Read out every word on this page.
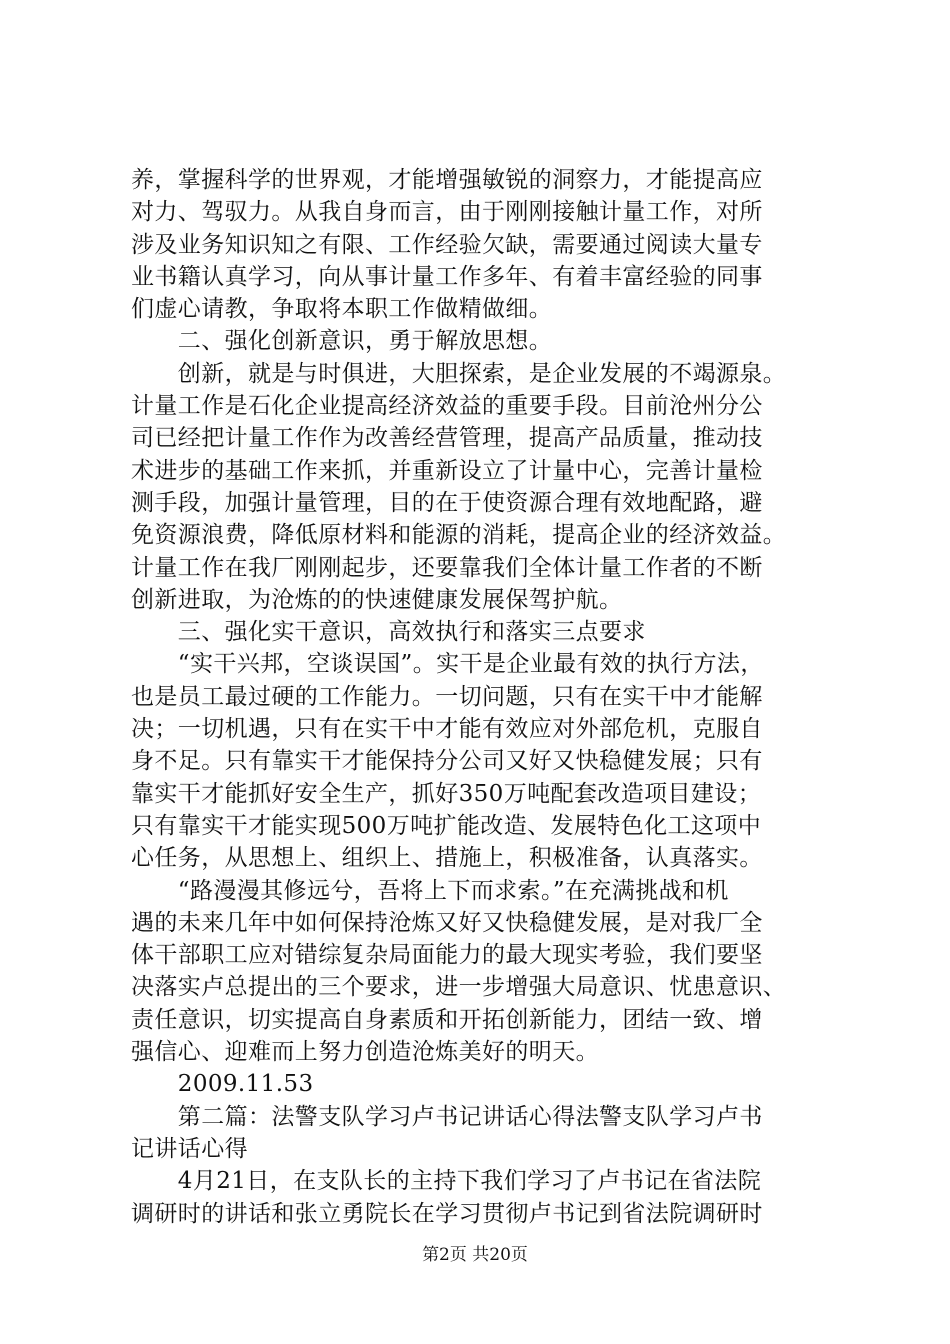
养，掌握科学的世界观，才能增强敏锐的洞察力，才能提高应
对力、驾驭力。从我自身而言，由于刚刚接触计量工作，对所
涉及业务知识知之有限、工作经验欠缺，需要通过阅读大量专
业书籍认真学习，向从事计量工作多年、有着丰富经验的同事
们虚心请教，争取将本职工作做精做细。
　　二、强化创新意识，勇于解放思想。
　　创新，就是与时俱进，大胆探索，是企业发展的不竭源泉。
计量工作是石化企业提高经济效益的重要手段。目前沧州分公
司已经把计量工作作为改善经营管理，提高产品质量，推动技
术进步的基础工作来抓，并重新设立了计量中心，完善计量检
测手段，加强计量管理，目的在于使资源合理有效地配路，避
免资源浪费，降低原材料和能源的消耗，提高企业的经济效益。
计量工作在我厂刚刚起步，还要靠我们全体计量工作者的不断
创新进取，为沧炼的的快速健康发展保驾护航。
　　三、强化实干意识，高效执行和落实三点要求
　　“实干兴邦，空谈误国”。实干是企业最有效的执行方法，
也是员工最过硬的工作能力。一切问题，只有在实干中才能解
决；一切机遇，只有在实干中才能有效应对外部危机，克服自
身不足。只有靠实干才能保持分公司又好又快稳健发展；只有
靠实干才能抓好安全生产，抓好350万吨配套改造项目建设；
只有靠实干才能实现500万吨扩能改造、发展特色化工这项中
心任务，从思想上、组织上、措施上，积极准备，认真落实。
　　“路漫漫其修远兮，吾将上下而求索。”在充满挑战和机
遇的未来几年中如何保持沧炼又好又快稳健发展，是对我厂全
体干部职工应对错综复杂局面能力的最大现实考验，我们要坚
决落实卢总提出的三个要求，进一步增强大局意识、忧患意识、
责任意识，切实提高自身素质和开拓创新能力，团结一致、增
强信心、迎难而上努力创造沧炼美好的明天。
　　2009.11.53
　　第二篇：法警支队学习卢书记讲话心得法警支队学习卢书
记讲话心得
　　4月21日，在支队长的主持下我们学习了卢书记在省法院
调研时的讲话和张立勇院长在学习贯彻卢书记到省法院调研时
第2页 共20页
